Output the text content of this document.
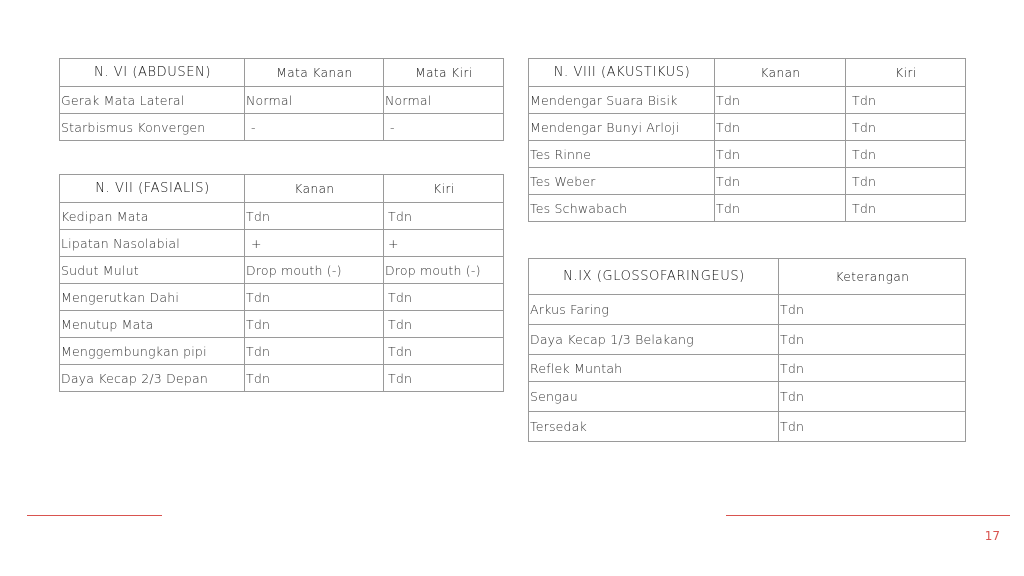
N. VI (ABDUSEN)	Mata Kanan	Mata Kiri
Gerak Mata Lateral	Normal	Normal
Starbismus Konvergen	-	-
N. VII (FASIALIS)	Kanan	Kiri
Kedipan Mata	Tdn	Tdn
Lipatan Nasolabial	+	+
Sudut Mulut	Drop mouth (-)	Drop mouth (-)
Mengerutkan Dahi	Tdn	Tdn
Menutup Mata	Tdn	Tdn
Menggembungkan pipi	Tdn	Tdn
Daya Kecap 2/3 Depan	Tdn	Tdn
N. VIII (AKUSTIKUS)	Kanan	Kiri
Mendengar Suara Bisik	Tdn	Tdn
Mendengar Bunyi Arloji	Tdn	Tdn
Tes Rinne	Tdn	Tdn
Tes Weber	Tdn	Tdn
Tes Schwabach	Tdn	Tdn
N.IX (GLOSSOFARINGEUS)	Keterangan
Arkus Faring	Tdn
Daya Kecap 1/3 Belakang	Tdn
Reflek Muntah	Tdn
Sengau	Tdn
Tersedak	Tdn
17
